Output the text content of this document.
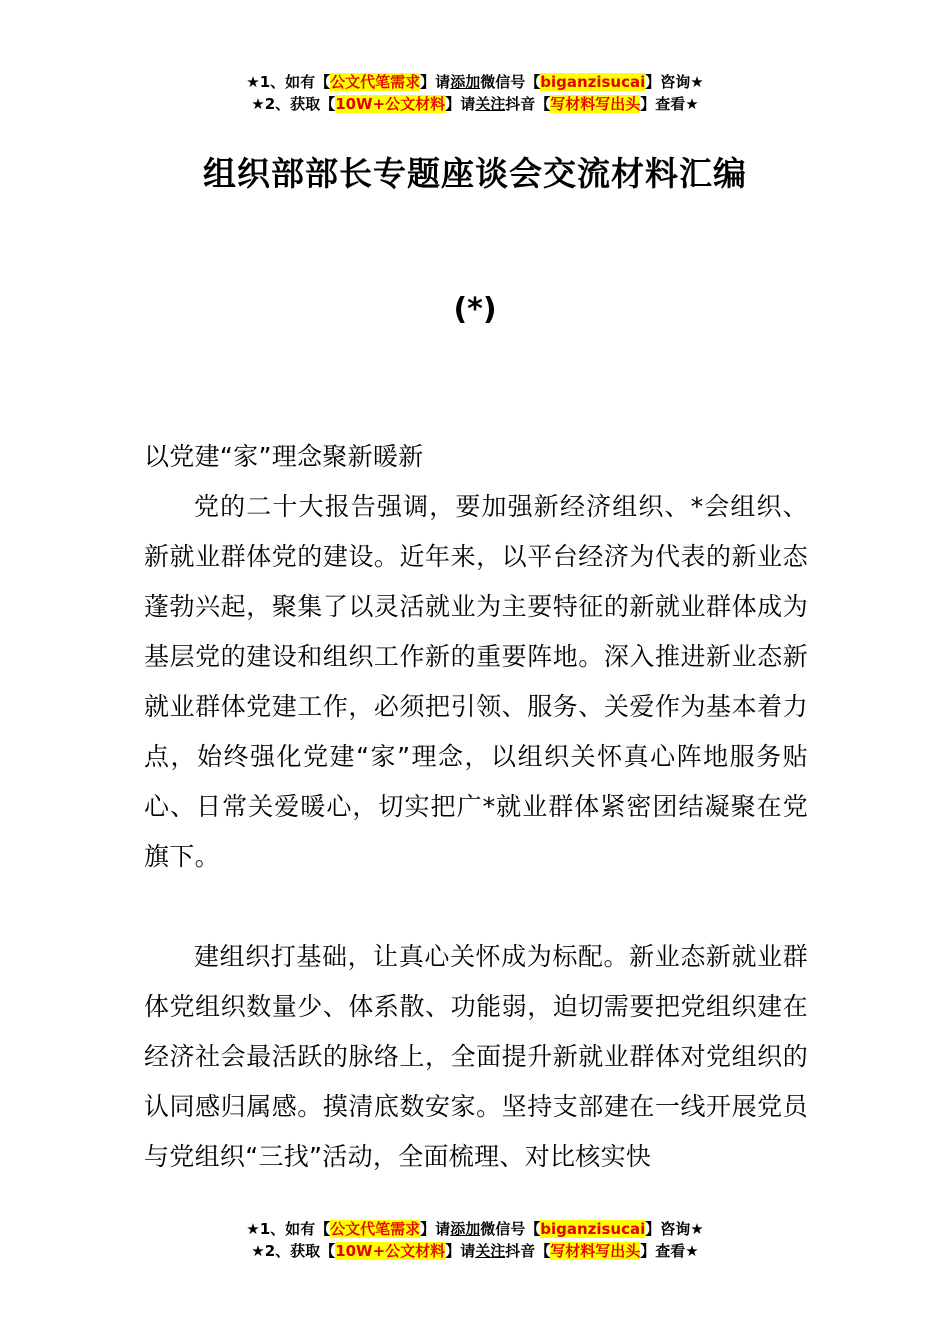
★1、如有【公文代笔需求】请添加微信号【biganzisucai】咨询★
★2、获取【10W+公文材料】请关注抖音【写材料写出头】查看★
组织部部长专题座谈会交流材料汇编
(*)

以党建“家”理念聚新暖新

党的二十大报告强调，要加强新经济组织、*会组织、新就业群体党的建设。近年来，以平台经济为代表的新业态蓬勃兴起，聚集了以灵活就业为主要特征的新就业群体成为基层党的建设和组织工作新的重要阵地。深入推进新业态新就业群体党建工作，必须把引领、服务、关爱作为基本着力点，始终强化党建“家”理念，以组织关怀真心阵地服务贴心、日常关爱暖心，切实把广*就业群体紧密团结凝聚在党旗下。

建组织打基础，让真心关怀成为标配。新业态新就业群体党组织数量少、体系散、功能弱，迫切需要把党组织建在经济社会最活跃的脉络上，全面提升新就业群体对党组织的认同感归属感。摸清底数安家。坚持支部建在一线开展党员与党组织“三找”活动，全面梳理、对比核实快

★1、如有【公文代笔需求】请添加微信号【biganzisucai】咨询★
★2、获取【10W+公文材料】请关注抖音【写材料写出头】查看★
